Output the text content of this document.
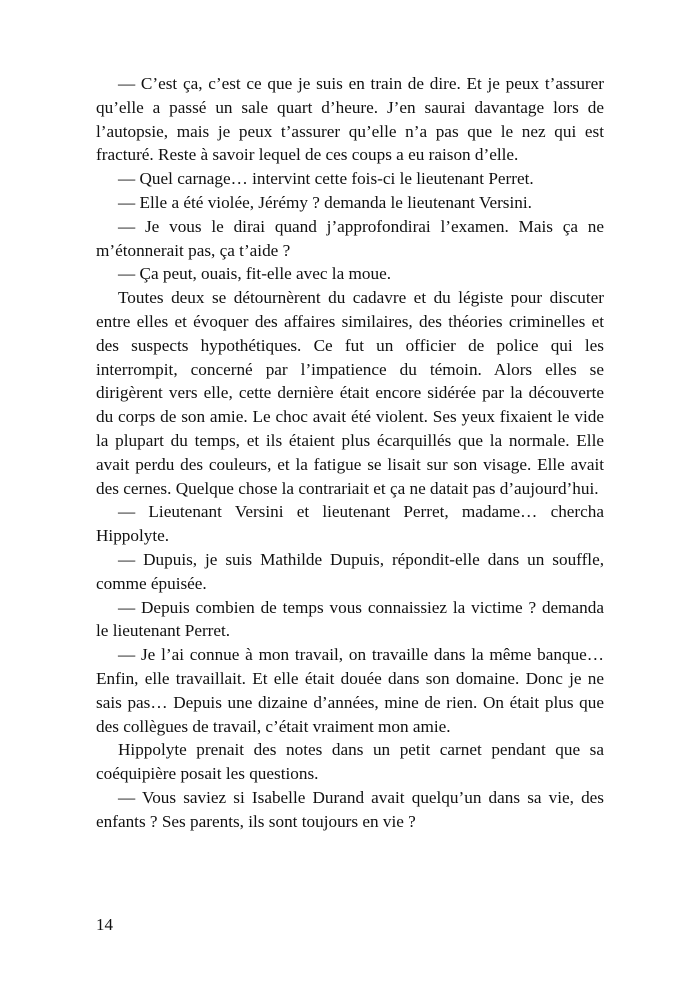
— C’est ça, c’est ce que je suis en train de dire. Et je peux t’assurer qu’elle a passé un sale quart d’heure. J’en saurai davantage lors de l’autopsie, mais je peux t’assurer qu’elle n’a pas que le nez qui est fracturé. Reste à savoir lequel de ces coups a eu raison d’elle.

— Quel carnage… intervint cette fois-ci le lieutenant Perret.

— Elle a été violée, Jérémy ? demanda le lieutenant Versini.

— Je vous le dirai quand j’approfondirai l’examen. Mais ça ne m’étonnerait pas, ça t’aide ?

— Ça peut, ouais, fit-elle avec la moue.

Toutes deux se détournèrent du cadavre et du légiste pour discuter entre elles et évoquer des affaires similaires, des théories criminelles et des suspects hypothétiques. Ce fut un officier de police qui les interrompit, concerné par l’impatience du témoin. Alors elles se dirigèrent vers elle, cette dernière était encore sidérée par la découverte du corps de son amie. Le choc avait été violent. Ses yeux fixaient le vide la plupart du temps, et ils étaient plus écarquillés que la normale. Elle avait perdu des couleurs, et la fatigue se lisait sur son visage. Elle avait des cernes. Quelque chose la contrariait et ça ne datait pas d’aujourd’hui.

— Lieutenant Versini et lieutenant Perret, madame… chercha Hippolyte.

— Dupuis, je suis Mathilde Dupuis, répondit-elle dans un souffle, comme épuisée.

— Depuis combien de temps vous connaissiez la victime ? demanda le lieutenant Perret.

— Je l’ai connue à mon travail, on travaille dans la même banque… Enfin, elle travaillait. Et elle était douée dans son domaine. Donc je ne sais pas… Depuis une dizaine d’années, mine de rien. On était plus que des collègues de travail, c’était vraiment mon amie.

Hippolyte prenait des notes dans un petit carnet pendant que sa coéquipière posait les questions.

— Vous saviez si Isabelle Durand avait quelqu’un dans sa vie, des enfants ? Ses parents, ils sont toujours en vie ?

14
